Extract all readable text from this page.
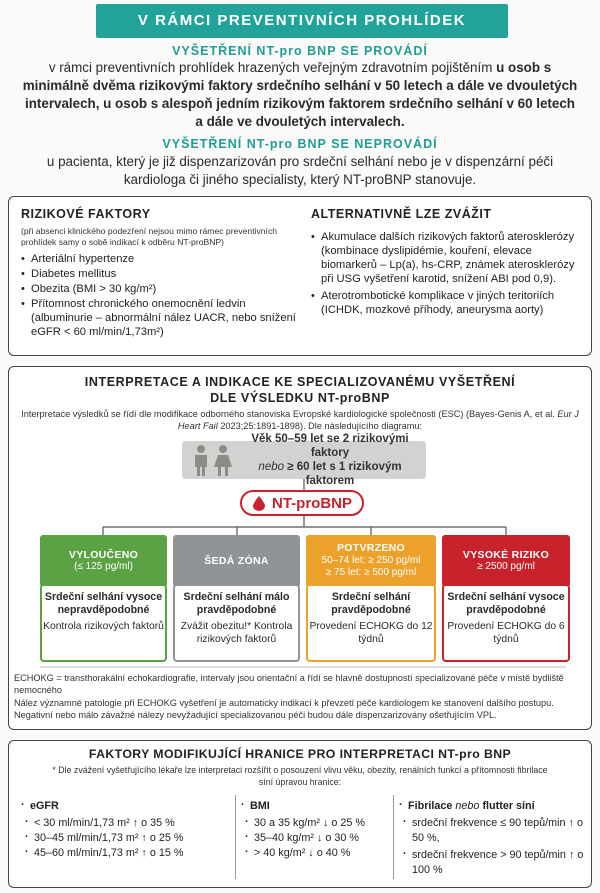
V RÁMCI PREVENTIVNÍCH PROHLÍDEK
VYŠETŘENÍ NT-pro BNP SE PROVÁDÍ
v rámci preventivních prohlídek hrazených veřejným zdravotním pojištěním u osob s minimálně dvěma rizikovými faktory srdečního selhání v 50 letech a dále ve dvouletých intervalech, u osob s alespoň jedním rizikovým faktorem srdečního selhání v 60 letech a dále ve dvouletých intervalech.
VYŠETŘENÍ NT-pro BNP SE NEPROVÁDÍ
u pacienta, který je již dispenzarizován pro srdeční selhání nebo je v dispenzární péči kardiologa či jiného specialisty, který NT-proBNP stanovuje.
RIZIKOVÉ FAKTORY
(při absenci klinického podezření nejsou mimo rámec preventivních prohlídek samy o sobě indikací k odběru NT-proBNP)
• Arteriální hypertenze
• Diabetes mellitus
• Obezita (BMI > 30 kg/m²)
• Přítomnost chronického onemocnění ledvin (albuminurie – abnormální nález UACR, nebo snížení eGFR < 60 ml/min/1,73m²)
ALTERNATIVNĚ LZE ZVÁŽIT
• Akumulace dalších rizikových faktorů aterosklerózy (kombinace dyslipidémie, kouření, elevace biomarkerů – Lp(a), hs-CRP, známek aterosklerózy při USG vyšetření karotid, snížení ABI pod 0,9).
• Aterotrombotické komplikace v jiných teritoriích (ICHDK, mozkové příhody, aneurysma aorty)
INTERPRETACE A INDIKACE KE SPECIALIZOVANÉMU VYŠETŘENÍ
DLE VÝSLEDKU NT-proBNP
Interpretace výsledků se řídí dle modifikace odborného stanoviska Evropské kardiologické společnosti (ESC) (Bayes-Genis A, et al. Eur J Heart Fail 2023;25:1891-1898). Dle následujícího diagramu:
Věk 50–59 let se 2 rizikovými faktory
nebo ≥ 60 let s 1 rizikovým faktorem
NT-proBNP
VYLOUČENO
(≤ 125 pg/ml)	ŠEDÁ ZÓNA
POTVRZENO
50–74 let: ≥ 250 pg/ml
≥ 75 let: ≥ 500 pg/ml
VYSOKÉ RIZIKO
≥ 2500 pg/ml
Srdeční selhání vysoce nepravděpodobné
Kontrola rizikových faktorů
Srdeční selhání málo pravděpodobné
Zvážit obezitu!* Kontrola rizikových faktorů
Srdeční selhání pravděpodobné
Provedení ECHOKG do 12 týdnů
Srdeční selhání vysoce pravděpodobné
Provedení ECHOKG do 6 týdnů
ECHOKG = transthorakální echokardiografie, intervaly jsou orientační a řídí se hlavně dostupností specializované péče v místě bydliště nemocného
Nález významné patologie při ECHOKG vyšetření je automaticky indikací k převzetí péče kardiologem ke stanovení dalšího postupu. Negativní nebo málo závažné nálezy nevyžadující specializovanou péči budou dále dispenzarizovány ošetřujícím VPL.
FAKTORY MODIFIKUJÍCÍ HRANICE PRO INTERPRETACI NT-pro BNP
* Dle zvážení vyšetřujícího lékaře lze interpretaci rozšířit o posouzení vlivu věku, obezity, renálních funkcí a přítomnosti fibrilace síní úpravou hranice:
· eGFR
· < 30 ml/min/1,73 m² ↑ o 35 %
· 30–45 ml/min/1,73 m² ↑ o 25 %
· 45–60 ml/min/1,73 m² ↑ o 15 %
· BMI
· 30 a 35 kg/m² ↓ o 25 %
· 35–40 kg/m² ↓ o 30 %
· > 40 kg/m² ↓ o 40 %
· Fibrilace nebo flutter síní
· srdeční frekvence ≤ 90 tepů/min ↑ o 50 %,
· srdeční frekvence > 90 tepů/min ↑ o 100 %
